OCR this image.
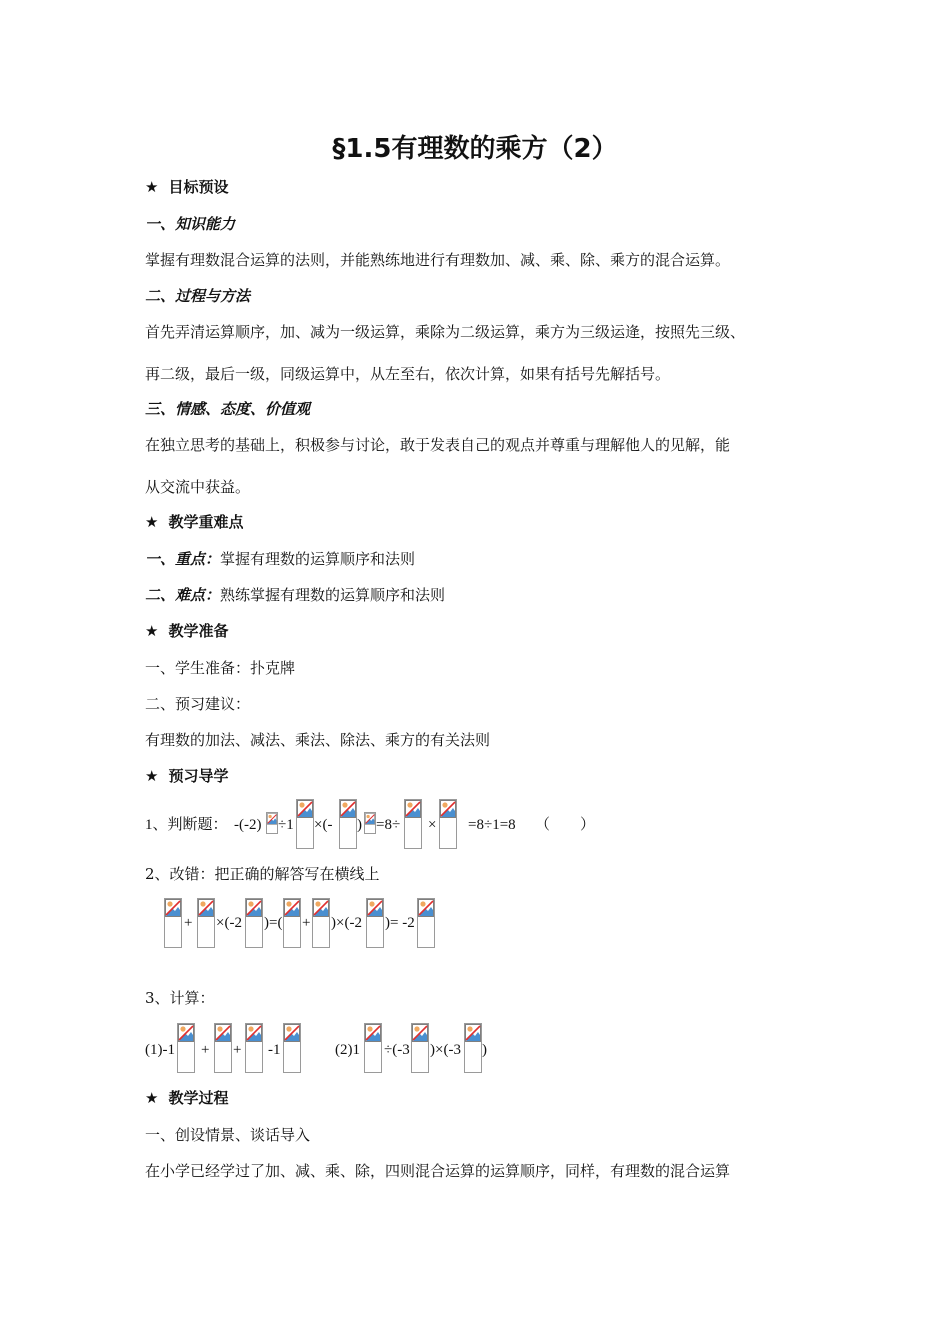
§1.5有理数的乘方（2）
★ 目标预设
一、知识能力
掌握有理数混合运算的法则，并能熟练地进行有理数加、减、乘、除、乘方的混合运算。
二、过程与方法
首先弄清运算顺序，加、减为一级运算，乘除为二级运算，乘方为三级运逄，按照先三级、
再二级，最后一级，同级运算中，从左至右，依次计算，如果有括号先解括号。
三、情感、态度、价值观
在独立思考的基础上，积极参与讨论，敢于发表自己的观点并尊重与理解他人的见解，能
从交流中获益。
★ 教学重难点
一、重点：掌握有理数的运算顺序和法则
二、难点：熟练掌握有理数的运算顺序和法则
★ 教学准备
一、学生准备：扑克牌
二、预习建议：
有理数的加法、减法、乘法、除法、乘方的有关法则
★ 预习导学
1、判断题： -(-2) ÷1 ×(- ) =8÷ × =8÷1=8 （　　）
2、改错：把正确的解答写在横线上
+ ×(-2 )=( + )×(-2 )= -2
3、计算：
(1)-1 + + -1	(2)1 ÷(-3 )×(-3 )
★ 教学过程
一、创设情景、谈话导入
在小学已经学过了加、减、乘、除，四则混合运算的运算顺序，同样，有理数的混合运算
